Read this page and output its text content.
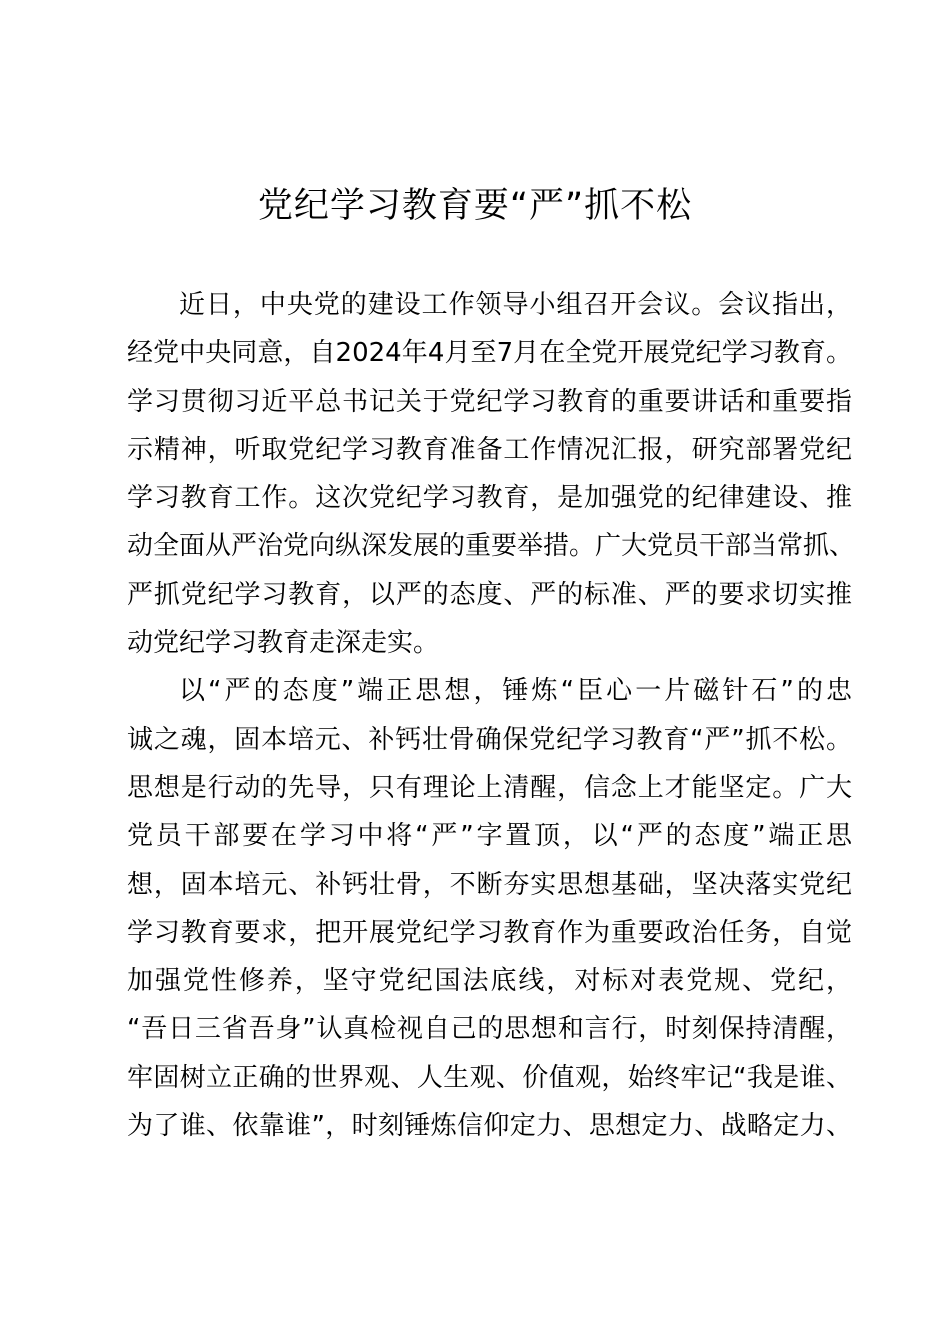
党纪学习教育要“严”抓不松
近日，中央党的建设工作领导小组召开会议。会议指出，
经党中央同意，自2024年4月至7月在全党开展党纪学习教育。
学习贯彻习近平总书记关于党纪学习教育的重要讲话和重要指
示精神，听取党纪学习教育准备工作情况汇报，研究部署党纪
学习教育工作。这次党纪学习教育，是加强党的纪律建设、推
动全面从严治党向纵深发展的重要举措。广大党员干部当常抓、
严抓党纪学习教育，以严的态度、严的标准、严的要求切实推
动党纪学习教育走深走实。
以“严的态度”端正思想，锤炼“臣心一片磁针石”的忠
诚之魂，固本培元、补钙壮骨确保党纪学习教育“严”抓不松。
思想是行动的先导，只有理论上清醒，信念上才能坚定。广大
党员干部要在学习中将“严”字置顶，以“严的态度”端正思
想，固本培元、补钙壮骨，不断夯实思想基础，坚决落实党纪
学习教育要求，把开展党纪学习教育作为重要政治任务，自觉
加强党性修养，坚守党纪国法底线，对标对表党规、党纪，
“吾日三省吾身”认真检视自己的思想和言行，时刻保持清醒，
牢固树立正确的世界观、人生观、价值观，始终牢记“我是谁、
为了谁、依靠谁”，时刻锤炼信仰定力、思想定力、战略定力、
